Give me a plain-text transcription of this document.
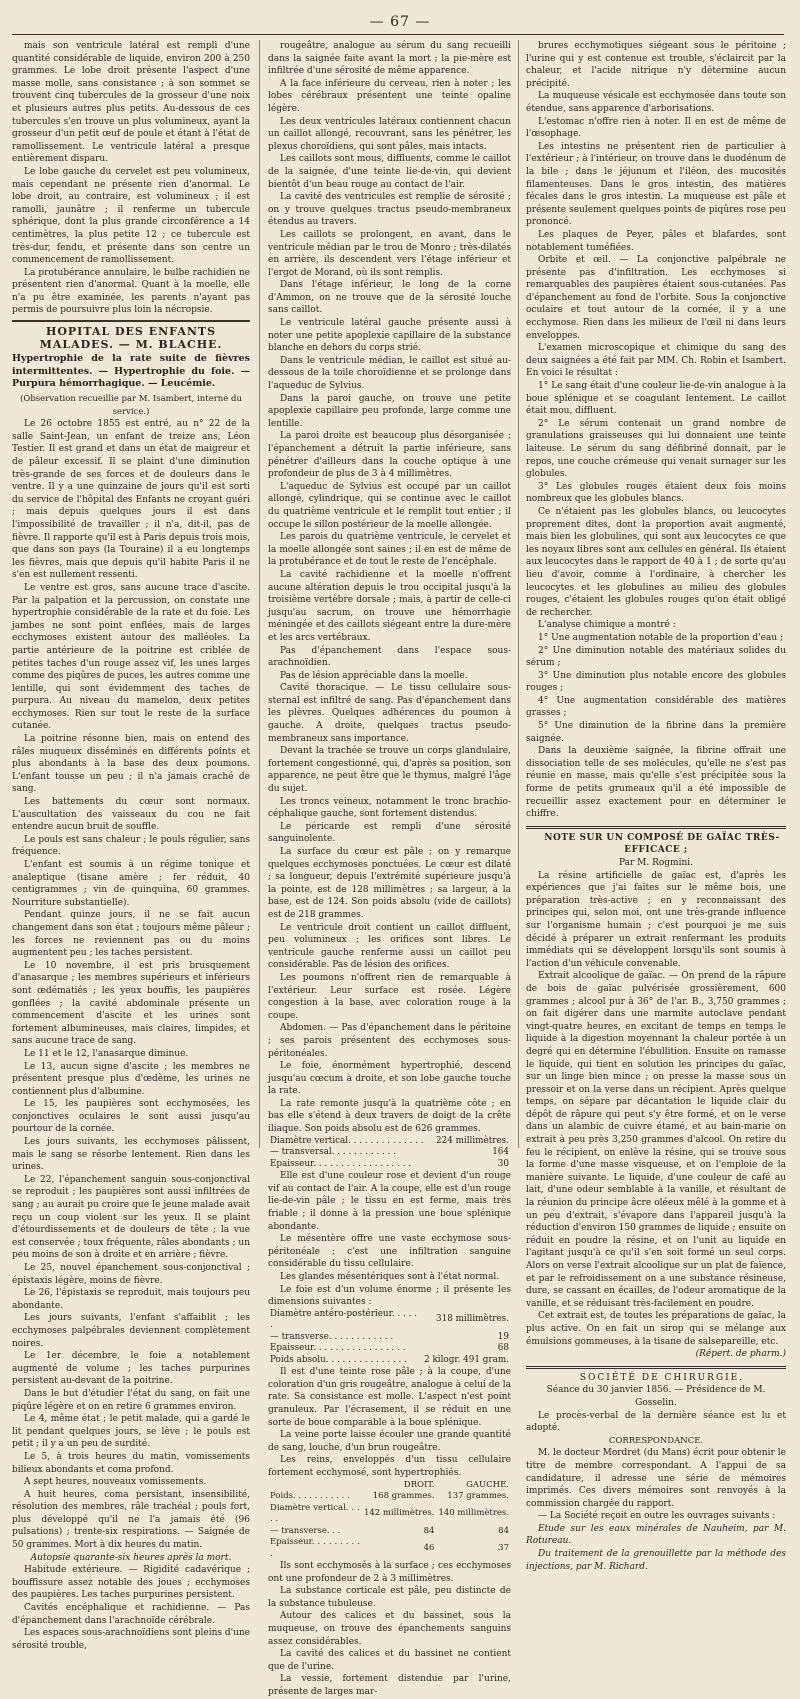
— 67 —

mais son ventricule latéral est rempli d'une quantité considérable de liquide, environ 200 à 250 grammes. Le lobe droit présente l'aspect d'une masse molle, sans consistance ; à son sommet se trouvent cinq tubercules de la grosseur d'une noix et plusieurs autres plus petits. Au-dessous de ces tubercules s'en trouve un plus volumineux, ayant la grosseur d'un petit œuf de poule et étant à l'état de ramollissement. Le ventricule latéral a presque entièrement disparu.

Le lobe gauche du cervelet est peu volumineux, mais cependant ne présente rien d'anormal. Le lobe droit, au contraire, est volumineux ; il est ramolli, jaunâtre ; il renferme un tubercule sphérique, dont la plus grande circonférence a 14 centimètres, la plus petite 12 ; ce tubercule est très-dur, fendu, et présente dans son centre un commencement de ramollissement.

La protubérance annulaire, le bulbe rachidien ne présentent rien d'anormal. Quant à la moelle, elle n'a pu être examinée, les parents n'ayant pas permis de poursuivre plus loin la nécropsie.

HOPITAL DES ENFANTS MALADES. — M. BLACHE.
Hypertrophie de la rate suite de fièvres intermittentes. — Hypertrophie du foie. — Purpura hémorrhagique. — Leucémie.

(Observation recueillie par M. Isambert, interne du service.)

Le 26 octobre 1855 est entré, au n° 22 de la salle Saint-Jean, un enfant de treize ans, Léon Testier. Il est grand et dans un état de maigreur et de pâleur excessif. Il se plaint d'une diminution très-grande de ses forces et de douleurs dans le ventre. Il y a une quinzaine de jours qu'il est sorti du service de l'hôpital des Enfants ne croyant guéri ; mais depuis quelques jours il est dans l'impossibilité de travailler ; il n'a, dit-il, pas de fièvre. Il rapporte qu'il est à Paris depuis trois mois, que dans son pays (la Touraine) il a eu longtemps les fièvres, mais que depuis qu'il habite Paris il ne s'en est nullement ressenti.

Le ventre est gros, sans aucune trace d'ascite. Par la palpation et la percussion, on constate une hypertrophie considérable de la rate et du foie. Les jambes ne sont point enflées, mais de larges ecchymoses existent autour des malléoles. La partie antérieure de la poitrine est criblée de petites taches d'un rouge assez vif, les unes larges comme des piqûres de puces, les autres comme une lentille, qui sont évidemment des taches de purpura. Au niveau du mamelon, deux petites ecchymoses. Rien sur tout le reste de la surface cutanée.

La poitrine résonne bien, mais on entend des râles muqueux disséminés en différents points et plus abondants à la base des deux poumons. L'enfant tousse un peu ; il n'a jamais craché de sang.

Les battements du cœur sont normaux. L'auscultation des vaisseaux du cou ne fait entendre aucun bruit de souffle.

Le pouls est sans chaleur ; le pouls régulier, sans fréquence.

L'enfant est soumis à un régime tonique et analeptique (tisane amère ; fer réduit, 40 centigrammes ; vin de quinquina, 60 grammes. Nourriture substantielle).

Pendant quinze jours, il ne se fait aucun changement dans son état ; toujours même pâleur ; les forces ne reviennent pas ou du moins augmentent peu ; les taches persistent.

Le 10 novembre, il est pris brusquement d'anasarque ; les membres supérieurs et inférieurs sont œdématiés ; les yeux bouffis, les paupières gonflées ; la cavité abdominale présente un commencement d'ascite et les urines sont fortement albumineuses, mais claires, limpides, et sans aucune trace de sang.

Le 11 et le 12, l'anasarque diminue.

Le 13, aucun signe d'ascite ; les membres ne présentent presque plus d'œdème, les urines ne contiennent plus d'albumine.

Le 15, les paupières sont ecchymosées, les conjonctives oculaires le sont aussi jusqu'au pourtour de la cornée.

Les jours suivants, les ecchymoses pâlissent, mais le sang se résorbe lentement. Rien dans les urines.

Le 22, l'épanchement sanguin sous-conjonctival se reproduit ; les paupières sont aussi infiltrées de sang ; au aurait pu croire que le jeune malade avait reçu un coup violent sur les yeux. Il se plaint d'étourdissements et de douleurs de tête ; la vue est conservée ; toux fréquente, râles abondants ; un peu moins de son à droite et en arrière ; fièvre.

Le 25, nouvel épanchement sous-conjonctival ; épistaxis légère, moins de fièvre.

Le 26, l'épistaxis se reproduit, mais toujours peu abondante.

Les jours suivants, l'enfant s'affaiblit ; les ecchymoses palpébrales deviennent complètement noires.

Le 1er décembre, le foie a notablement augmenté de volume ; les taches purpurines persistent au-devant de la poitrine.

Dans le but d'étudier l'état du sang, on fait une piqûre légère et on en retire 6 grammes environ.

Le 4, même état ; le petit malade, qui a gardé le lit pendant quelques jours, se lève ; le pouls est petit ; il y a un peu de surdité.

Le 5, à trois heures du matin, vomissements bilieux abondants et coma profond.

A sept heures, nouveaux vomissements.

A huit heures, coma persistant, insensibilité, résolution des membres, râle trachéal ; pouls fort, plus développé qu'il ne l'a jamais été (96 pulsations) ; trente-six respirations. — Saignée de 50 grammes. Mort à dix heures du matin.

Autopsie quarante-six heures après la mort.

Habitude extérieure. — Rigidité cadavérique ; bouffissure assez notable des joues ; ecchymoses des paupières. Les taches purpurines persistent.

Cavités encéphalique et rachidienne. — Pas d'épanchement dans l'arachnoïde cérébrale.

Les espaces sous-arachnoïdiens sont pleins d'une sérosité trouble,

rougeâtre, analogue au sérum du sang recueilli dans la saignée faite avant la mort ; la pie-mère est infiltrée d'une sérosité de même apparence.

A la face inférieure du cerveau, rien à noter ; les lobes cérébraux présentent une teinte opaline légère.

Les deux ventricules latéraux contiennent chacun un caillot allongé, recouvrant, sans les pénétrer, les plexus choroïdiens, qui sont pâles, mais intacts.

Les caillots sont mous, diffluents, comme le caillot de la saignée, d'une teinte lie-de-vin, qui devient bientôt d'un beau rouge au contact de l'air.

La cavité des ventricules est remplie de sérosité ; on y trouve quelques tractus pseudo-membraneux étendus au travers.

Les caillots se prolongent, en avant, dans le ventricule médian par le trou de Monro ; très-dilatés en arrière, ils descendent vers l'étage inférieur et l'ergot de Morand, où ils sont remplis.

Dans l'étage inférieur, le long de la corne d'Ammon, on ne trouve que de la sérosité louche sans caillot.

Le ventricule latéral gauche présente aussi à noter une petite apoplexie capillaire de la substance blanche en dehors du corps strié.

Dans le ventricule médian, le caillot est situé au-dessous de la toile choroïdienne et se prolonge dans l'aqueduc de Sylvius.

Dans la paroi gauche, on trouve une petite apoplexie capillaire peu profonde, large comme une lentille.

La paroi droite est beaucoup plus désorganisée ; l'épanchement a détruit la partie inférieure, sans pénétrer d'ailleurs dans la couche optique à une profondeur de plus de 3 à 4 millimètres.

L'aqueduc de Sylvius est occupé par un caillot allongé, cylindrique, qui se continue avec le caillot du quatrième ventricule et le remplit tout entier ; il occupe le sillon postérieur de la moelle allongée.

Les parois du quatrième ventricule, le cervelet et la moelle allongée sont saines ; il en est de même de la protubérance et de tout le reste de l'encéphale.

La cavité rachidienne et la moelle n'offrent aucune altération depuis le trou occipital jusqu'à la troisième vertèbre dorsale ; mais, à partir de celle-ci jusqu'au sacrum, on trouve une hémorrhagie méningée et des caillots siégeant entre la dure-mère et les arcs vertébraux.

Pas d'épanchement dans l'espace sous-arachnoïdien.

Pas de lésion appréciable dans la moelle.

Cavité thoracique. — Le tissu cellulaire sous-sternal est infiltré de sang. Pas d'épanchement dans les plèvres. Quelques adhérences du poumon à gauche. A droite, quelques tractus pseudo-membraneux sans importance.

Devant la trachée se trouve un corps glandulaire, fortement congestionné, qui, d'après sa position, son apparence, ne peut être que le thymus, malgré l'âge du sujet.

Les troncs veineux, notamment le tronc brachio-céphalique gauche, sont fortement distendus.

Le péricarde est rempli d'une sérosité sanguinolente.

La surface du cœur est pâle ; on y remarque quelques ecchymoses ponctuées. Le cœur est dilaté ; sa longueur, depuis l'extrémité supérieure jusqu'à la pointe, est de 128 millimètres ; sa largeur, à la base, est de 124. Son poids absolu (vide de caillots) est de 218 grammes.

Le ventricule droit contient un caillot diffluent, peu volumineux ; les orifices sont libres. Le ventricule gauche renferme aussi un caillot peu considérable. Pas de lésion des orifices.

Les poumons n'offrent rien de remarquable à l'extérieur. Leur surface est rosée. Légère congestion à la base, avec coloration rouge à la coupe.

Abdomen. — Pas d'épanchement dans le péritoine ; ses parois présentent des ecchymoses sous-péritonéales.

Le foie, énormément hypertrophié, descend jusqu'au cœcum à droite, et son lobe gauche touche la rate.

La rate remonte jusqu'à la quatrième côte ; en bas elle s'étend à deux travers de doigt de la crête iliaque. Son poids absolu est de 626 grammes.

Diamètre vertical. . . . . . . . . . . . . .	224 millimètres.
— transversal. . . . . . . . . . . .	164
Epaisseur. . . . . . . . . . . . . . . . . .	30

Elle est d'une couleur rose et devient d'un rouge vif au contact de l'air. A la coupe, elle est d'un rouge lie-de-vin pâle ; le tissu en est ferme, mais très friable ; il donne à la pression une boue splénique abondante.

Le mésentère offre une vaste ecchymose sous-péritonéale ; c'est une infiltration sanguine considérable du tissu cellulaire.

Les glandes mésentériques sont à l'état normal.

Le foie est d'un volume énorme ; il présente les dimensions suivantes :

Diamètre antéro-postérieur. . . . . .	318 millimètres.
— transverse. . . . . . . . . . . .	19
Epaisseur. . . . . . . . . . . . . . . . .	68
Poids absolu. . . . . . . . . . . . . . .	2 kilogr. 491 gram.

Il est d'une teinte rose pâle ; à la coupe, d'une coloration d'un gris rougeâtre, analogue à celui de la rate. Sa consistance est molle. L'aspect n'est point granuleux. Par l'écrasement, il se réduit en une sorte de boue comparable à la boue splénique.

La veine porte laisse écouler une grande quantité de sang, louche, d'un brun rougeâtre.

Les reins, enveloppés d'un tissu cellulaire fortement ecchymosé, sont hypertrophiés.

	DROIT.	GAUCHE.
Poids. . . . . . . . . . .	168 grammes.	137 grammes.
Diamètre vertical. . . . .	142 millimètres.	140 millimètres.
— transverse. . .	84	84
Epaisseur. . . . . . . . . .	46	37

Ils sont ecchymosés à la surface ; ces ecchymoses ont une profondeur de 2 à 3 millimètres.

La substance corticale est pâle, peu distincte de la substance tubuleuse.

Autour des calices et du bassinet, sous la muqueuse, on trouve des épanchements sanguins assez considérables.

La cavité des calices et du bassinet ne contient que de l'urine.

La vessie, fortement distendue par l'urine, présente de larges mar-

brures ecchymotiques siégeant sous le péritoine ; l'urine qui y est contenue est trouble, s'éclaircit par la chaleur, et l'acide nitrique n'y détermine aucun précipité.

La muqueuse vésicale est ecchymosée dans toute son étendue, sans apparence d'arborisations.

L'estomac n'offre rien à noter. Il en est de même de l'œsophage.

Les intestins ne présentent rien de particulier à l'extérieur ; à l'intérieur, on trouve dans le duodénum de la bile ; dans le jéjunum et l'iléon, des mucosités filamenteuses. Dans le gros intestin, des matières fécales dans le gros intestin. La muqueuse est pâle et présente seulement quelques points de piqûres rose peu prononcé.

Les plaques de Peyer, pâles et blafardes, sont notablement tuméfiées.

Orbite et œil. — La conjonctive palpébrale ne présente pas d'infiltration. Les ecchymoses si remarquables des paupières étaient sous-cutanées. Pas d'épanchement au fond de l'orbite. Sous la conjonctive oculaire et tout autour de la cornée, il y a une ecchymose. Rien dans les milieux de l'œil ni dans leurs enveloppes.

L'examen microscopique et chimique du sang des deux saignées a été fait par MM. Ch. Robin et Isambert. En voici le résultat :

1° Le sang était d'une couleur lie-de-vin analogue à la boue splénique et se coagulant lentement. Le caillot était mou, diffluent.

2° Le sérum contenait un grand nombre de granulations graisseuses qui lui donnaient une teinte laiteuse. Le sérum du sang défibriné donnait, par le repos, une couche crémeuse qui venait surnager sur les globules.

3° Les globules rouges étaient deux fois moins nombreux que les globules blancs.

Ce n'étaient pas les globules blancs, ou leucocytes proprement dites, dont la proportion avait augmenté, mais bien les globulines, qui sont aux leucocytes ce que les noyaux libres sont aux cellules en général. Ils étaient aux leucocytes dans le rapport de 40 à 1 ; de sorte qu'au lieu d'avoir, comme à l'ordinaire, à chercher les leucocytes et les globulines au milieu des globules rouges, c'étaient les globules rouges qu'on était obligé de rechercher.

L'analyse chimique a montré :

1° Une augmentation notable de la proportion d'eau ;

2° Une diminution notable des matériaux solides du sérum ;

3° Une diminution plus notable encore des globules rouges ;

4° Une augmentation considérable des matières grasses ;

5° Une diminution de la fibrine dans la première saignée.

Dans la deuxième saignée, la fibrine offrait une dissociation telle de ses molécules, qu'elle ne s'est pas réunie en masse, mais qu'elle s'est précipitée sous la forme de petits grumeaux qu'il a été impossible de recueillir assez exactement pour en déterminer le chiffre.

NOTE SUR UN COMPOSÉ DE GAÏAC TRÈS-EFFICACE ;

Par M. Rogmini.

La résine artificielle de gaïac est, d'après les expériences que j'ai faites sur le même bois, une préparation très-active ; en y reconnaissant des principes qui, selon moi, ont une très-grande influence sur l'organisme humain ; c'est pourquoi je me suis décidé à préparer un extrait renfermant les produits immédiats qui se développent lorsqu'ils sont soumis à l'action d'un véhicule convenable.

Extrait alcoolique de gaïac. — On prend de la râpure de bois de gaïac pulvérisée grossièrement, 600 grammes ; alcool pur à 36° de l'ar. B., 3,750 grammes ; on fait digérer dans une marmite autoclave pendant vingt-quatre heures, en excitant de temps en temps le liquide à la digestion moyennant la chaleur portée à un degré qui en détermine l'ébullition. Ensuite on ramasse le liquide, qui tient en solution les principes du gaïac, sur un linge bien mince ; on presse la masse sous un pressoir et on la verse dans un récipient. Après quelque temps, on sépare par décantation le liquide clair du dépôt de râpure qui peut s'y être formé, et on le verse dans un alambic de cuivre étamé, et au bain-marie on extrait à peu près 3,250 grammes d'alcool. On retire du feu le récipient, on enlève la résine, qui se trouve sous la forme d'une masse visqueuse, et on l'emploie de la manière suivante. Le liquide, d'une couleur de café au lait, d'une odeur semblable à la vanille, et résultant de la réunion du principe âcre oléeux mêlé à la gomme et à un peu d'extrait, s'évapore dans l'appareil jusqu'à la réduction d'environ 150 grammes de liquide ; ensuite on réduit en poudre la résine, et on l'unit au liquide en l'agitant jusqu'à ce qu'il s'en soit formé un seul corps. Alors on verse l'extrait alcoolique sur un plat de faïence, et par le refroidissement on a une substance résineuse, dure, se cassant en écailles, de l'odeur aromatique de la vanille, et se réduisant très-facilement en poudre.

Cet extrait est, de toutes les préparations de gaïac, la plus active. On en fait un sirop qui se mélange aux émulsions gommeuses, à la tisane de salsepareille, etc.

(Répert. de pharm.)

SOCIÉTÉ DE CHIRURGIE.

Séance du 30 janvier 1856. — Présidence de M. Gosselin.

Le procès-verbal de la dernière séance est lu et adopté.

CORRESPONDANCE.

M. le docteur Mordret (du Mans) écrit pour obtenir le titre de membre correspondant. A l'appui de sa candidature, il adresse une série de mémoires imprimés. Ces divers mémoires sont renvoyés à la commission chargée du rapport.

— La Société reçoit en outre les ouvrages suivants :

Etude sur les eaux minérales de Nauheim, par M. Rotureau.

Du traitement de la grenouillette par la méthode des injections, par M. Richard.
